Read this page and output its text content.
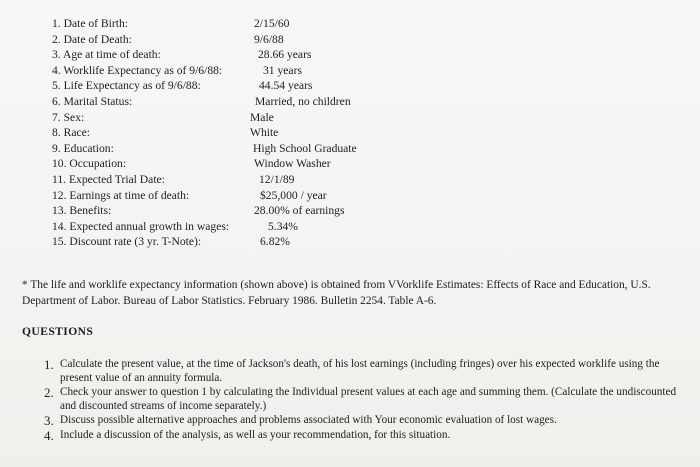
1. Date of Birth:	2/15/60
2. Date of Death:	9/6/88
3. Age at time of death:	28.66 years
4. Worklife Expectancy as of 9/6/88:	31 years
5. Life Expectancy as of 9/6/88:	44.54 years
6. Marital Status:	Married, no children
7. Sex:	Male
8. Race:	White
9. Education:	High School Graduate
10. Occupation:	Window Washer
11. Expected Trial Date:	12/1/89
12. Earnings at time of death:	$25,000 / year
13. Benefits:	28.00% of earnings
14. Expected annual growth in wages:	5.34%
15. Discount rate (3 yr. T-Note):	6.82%
* The life and worklife expectancy information (shown above) is obtained from VVorklife Estimates: Effects of Race and Education, U.S. Department of Labor. Bureau of Labor Statistics. February 1986. Bulletin 2254. Table A-6.
QUESTIONS
1. Calculate the present value, at the time of Jackson's death, of his lost earnings (including fringes) over his expected worklife using the present value of an annuity formula.
2. Check your answer to question 1 by calculating the Individual present values at each age and summing them. (Calculate the undiscounted and discounted streams of income separately.)
3. Discuss possible alternative approaches and problems associated with Your economic evaluation of lost wages.
4. Include a discussion of the analysis, as well as your recommendation, for this situation.
